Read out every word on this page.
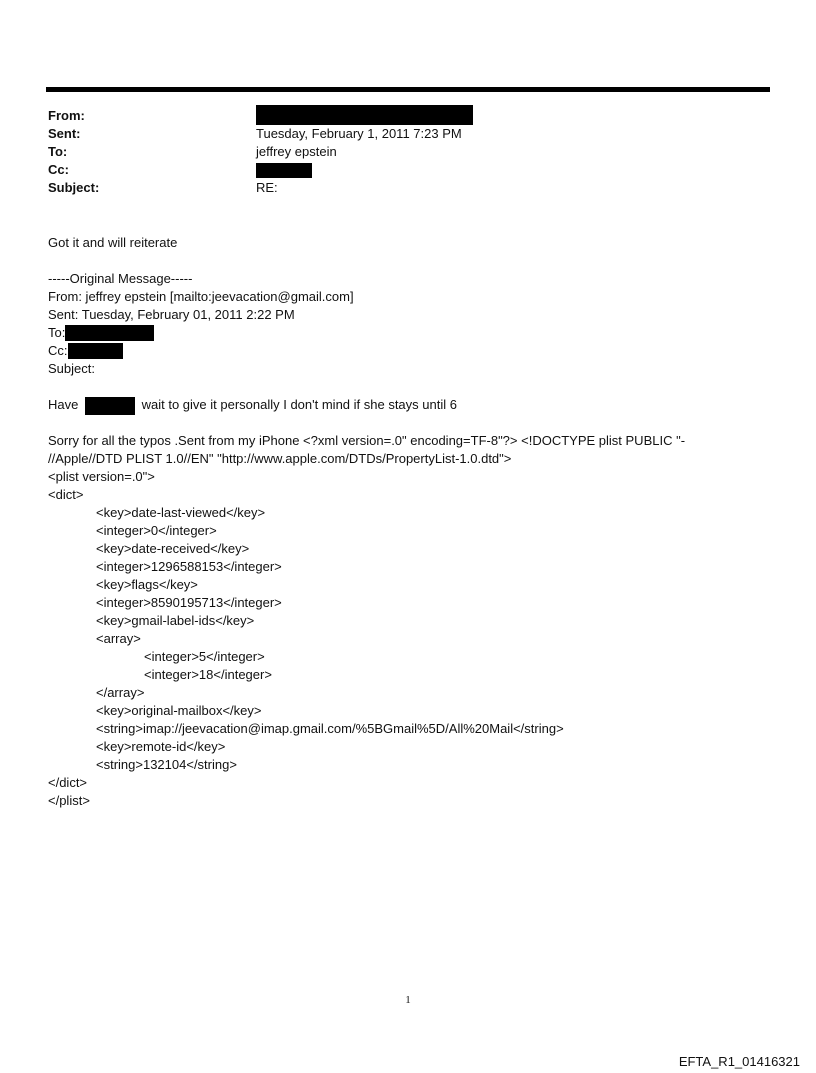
From:
Sent:	Tuesday, February 1, 2011 7:23 PM
To:	jeffrey epstein
Cc:
Subject:	RE:
Got it and will reiterate
-----Original Message-----
From: jeffrey epstein [mailto:jeevacation@gmail.com]
Sent: Tuesday, February 01, 2011 2:22 PM
To:
Cc:
Subject:
Have	wait to give it personally I don't mind if she stays until 6
Sorry for all the typos .Sent from my iPhone <?xml version=.0" encoding=TF-8"?> <!DOCTYPE plist PUBLIC "-
//Apple//DTD PLIST 1.0//EN" "http://www.apple.com/DTDs/PropertyList-1.0.dtd">
<plist version=.0">
<dict>
<key>date-last-viewed</key>
<integer>0</integer>
<key>date-received</key>
<integer>1296588153</integer>
<key>flags</key>
<integer>8590195713</integer>
<key>gmail-label-ids</key>
<array>
<integer>5</integer>
<integer>18</integer>
</array>
<key>original-mailbox</key>
<string>imap://jeevacation@imap.gmail.com/%5BGmail%5D/All%20Mail</string>
<key>remote-id</key>
<string>132104</string>
</dict>
</plist>
1
EFTA_R1_01416321
